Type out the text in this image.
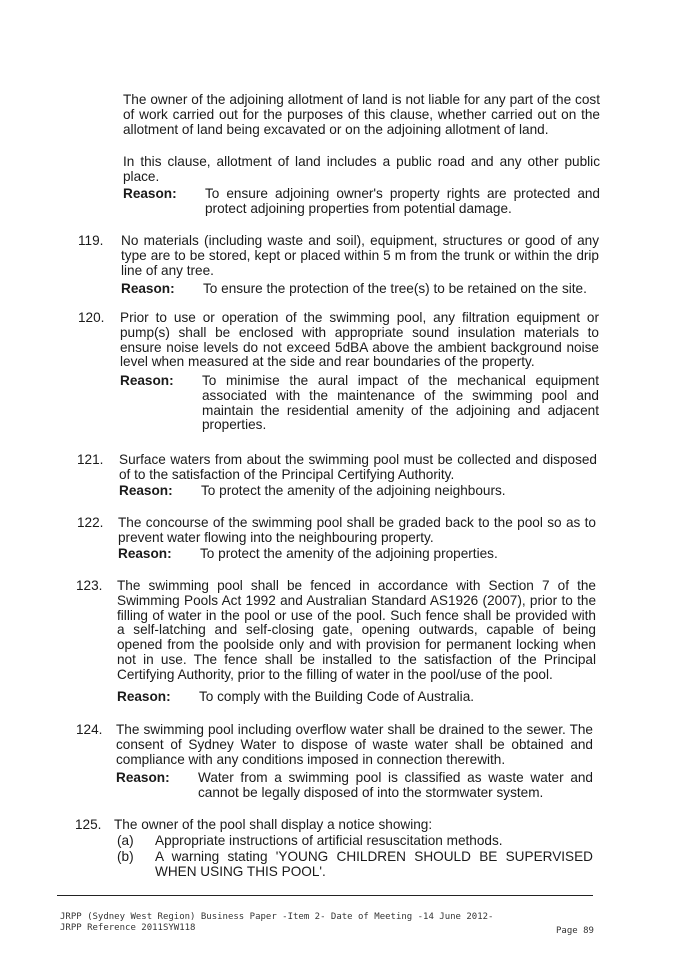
The owner of the adjoining allotment of land is not liable for any part of the cost of work carried out for the purposes of this clause, whether carried out on the allotment of land being excavated or on the adjoining allotment of land.
In this clause, allotment of land includes a public road and any other public place.
Reason: To ensure adjoining owner's property rights are protected and protect adjoining properties from potential damage.
119. No materials (including waste and soil), equipment, structures or good of any type are to be stored, kept or placed within 5 m from the trunk or within the drip line of any tree.
Reason: To ensure the protection of the tree(s) to be retained on the site.
120. Prior to use or operation of the swimming pool, any filtration equipment or pump(s) shall be enclosed with appropriate sound insulation materials to ensure noise levels do not exceed 5dBA above the ambient background noise level when measured at the side and rear boundaries of the property.
Reason: To minimise the aural impact of the mechanical equipment associated with the maintenance of the swimming pool and maintain the residential amenity of the adjoining and adjacent properties.
121. Surface waters from about the swimming pool must be collected and disposed of to the satisfaction of the Principal Certifying Authority.
Reason: To protect the amenity of the adjoining neighbours.
122. The concourse of the swimming pool shall be graded back to the pool so as to prevent water flowing into the neighbouring property.
Reason: To protect the amenity of the adjoining properties.
123. The swimming pool shall be fenced in accordance with Section 7 of the Swimming Pools Act 1992 and Australian Standard AS1926 (2007), prior to the filling of water in the pool or use of the pool. Such fence shall be provided with a self-latching and self-closing gate, opening outwards, capable of being opened from the poolside only and with provision for permanent locking when not in use. The fence shall be installed to the satisfaction of the Principal Certifying Authority, prior to the filling of water in the pool/use of the pool.
Reason: To comply with the Building Code of Australia.
124. The swimming pool including overflow water shall be drained to the sewer. The consent of Sydney Water to dispose of waste water shall be obtained and compliance with any conditions imposed in connection therewith.
Reason: Water from a swimming pool is classified as waste water and cannot be legally disposed of into the stormwater system.
125. The owner of the pool shall display a notice showing:
(a) Appropriate instructions of artificial resuscitation methods.
(b) A warning stating 'YOUNG CHILDREN SHOULD BE SUPERVISED WHEN USING THIS POOL'.
JRPP (Sydney West Region) Business Paper -Item 2- Date of Meeting -14 June 2012-
JRPP Reference 2011SYW118	Page 89
